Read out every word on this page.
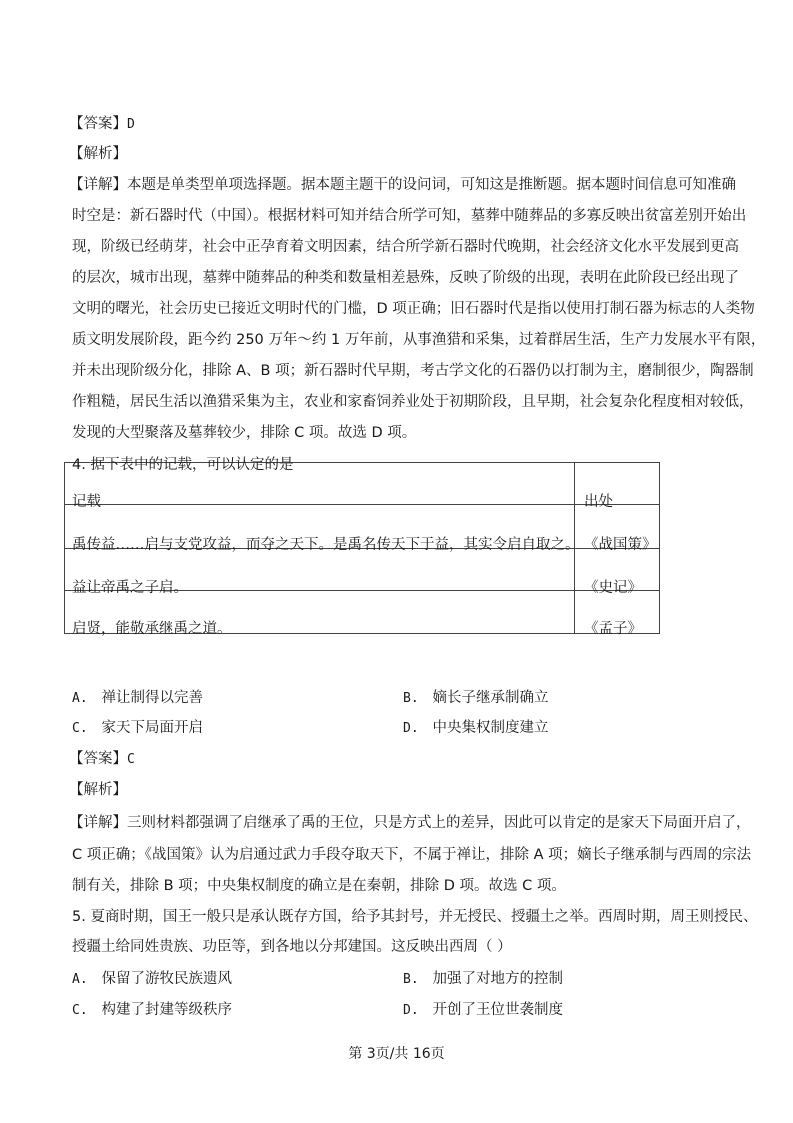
【答案】D
【解析】
【详解】本题是单类型单项选择题。据本题主题干的设问词，可知这是推断题。据本题时间信息可知准确
时空是：新石器时代（中国）。根据材料可知并结合所学可知，墓葬中随葬品的多寡反映出贫富差别开始出
现，阶级已经萌芽，社会中正孕育着文明因素，结合所学新石器时代晚期，社会经济文化水平发展到更高
的层次，城市出现，墓葬中随葬品的种类和数量相差悬殊，反映了阶级的出现，表明在此阶段已经出现了
文明的曙光，社会历史已接近文明时代的门槛，D 项正确；旧石器时代是指以使用打制石器为标志的人类物
质文明发展阶段，距今约 250 万年～约 1 万年前，从事渔猎和采集，过着群居生活，生产力发展水平有限，
并未出现阶级分化，排除 A、B 项；新石器时代早期，考古学文化的石器仍以打制为主，磨制很少，陶器制
作粗糙，居民生活以渔猎采集为主，农业和家畜饲养业处于初期阶段，且早期，社会复杂化程度相对较低，
发现的大型聚落及墓葬较少，排除 C 项。故选 D 项。
4. 据下表中的记载，可以认定的是
记载	出处
禹传益……启与支党攻益，而夺之天下。是禹名传天下于益，其实令启自取之。 《战国策》
益让帝禹之子启。	《史记》
启贤，能敬承继禹之道。	《孟子》
A. 禅让制得以完善	B. 嫡长子继承制确立
C. 家天下局面开启	D. 中央集权制度建立
【答案】C
【解析】
【详解】三则材料都强调了启继承了禹的王位，只是方式上的差异，因此可以肯定的是家天下局面开启了，
C 项正确；《战国策》认为启通过武力手段夺取天下，不属于禅让，排除 A 项；嫡长子继承制与西周的宗法
制有关，排除 B 项；中央集权制度的确立是在秦朝，排除 D 项。故选 C 项。
5. 夏商时期，国王一般只是承认既存方国，给予其封号，并无授民、授疆土之举。西周时期，周王则授民、
授疆土给同姓贵族、功臣等，到各地以分邦建国。这反映出西周（ ）
A. 保留了游牧民族遗风	B. 加强了对地方的控制
C. 构建了封建等级秩序	D. 开创了王位世袭制度
第 3页/共 16页
